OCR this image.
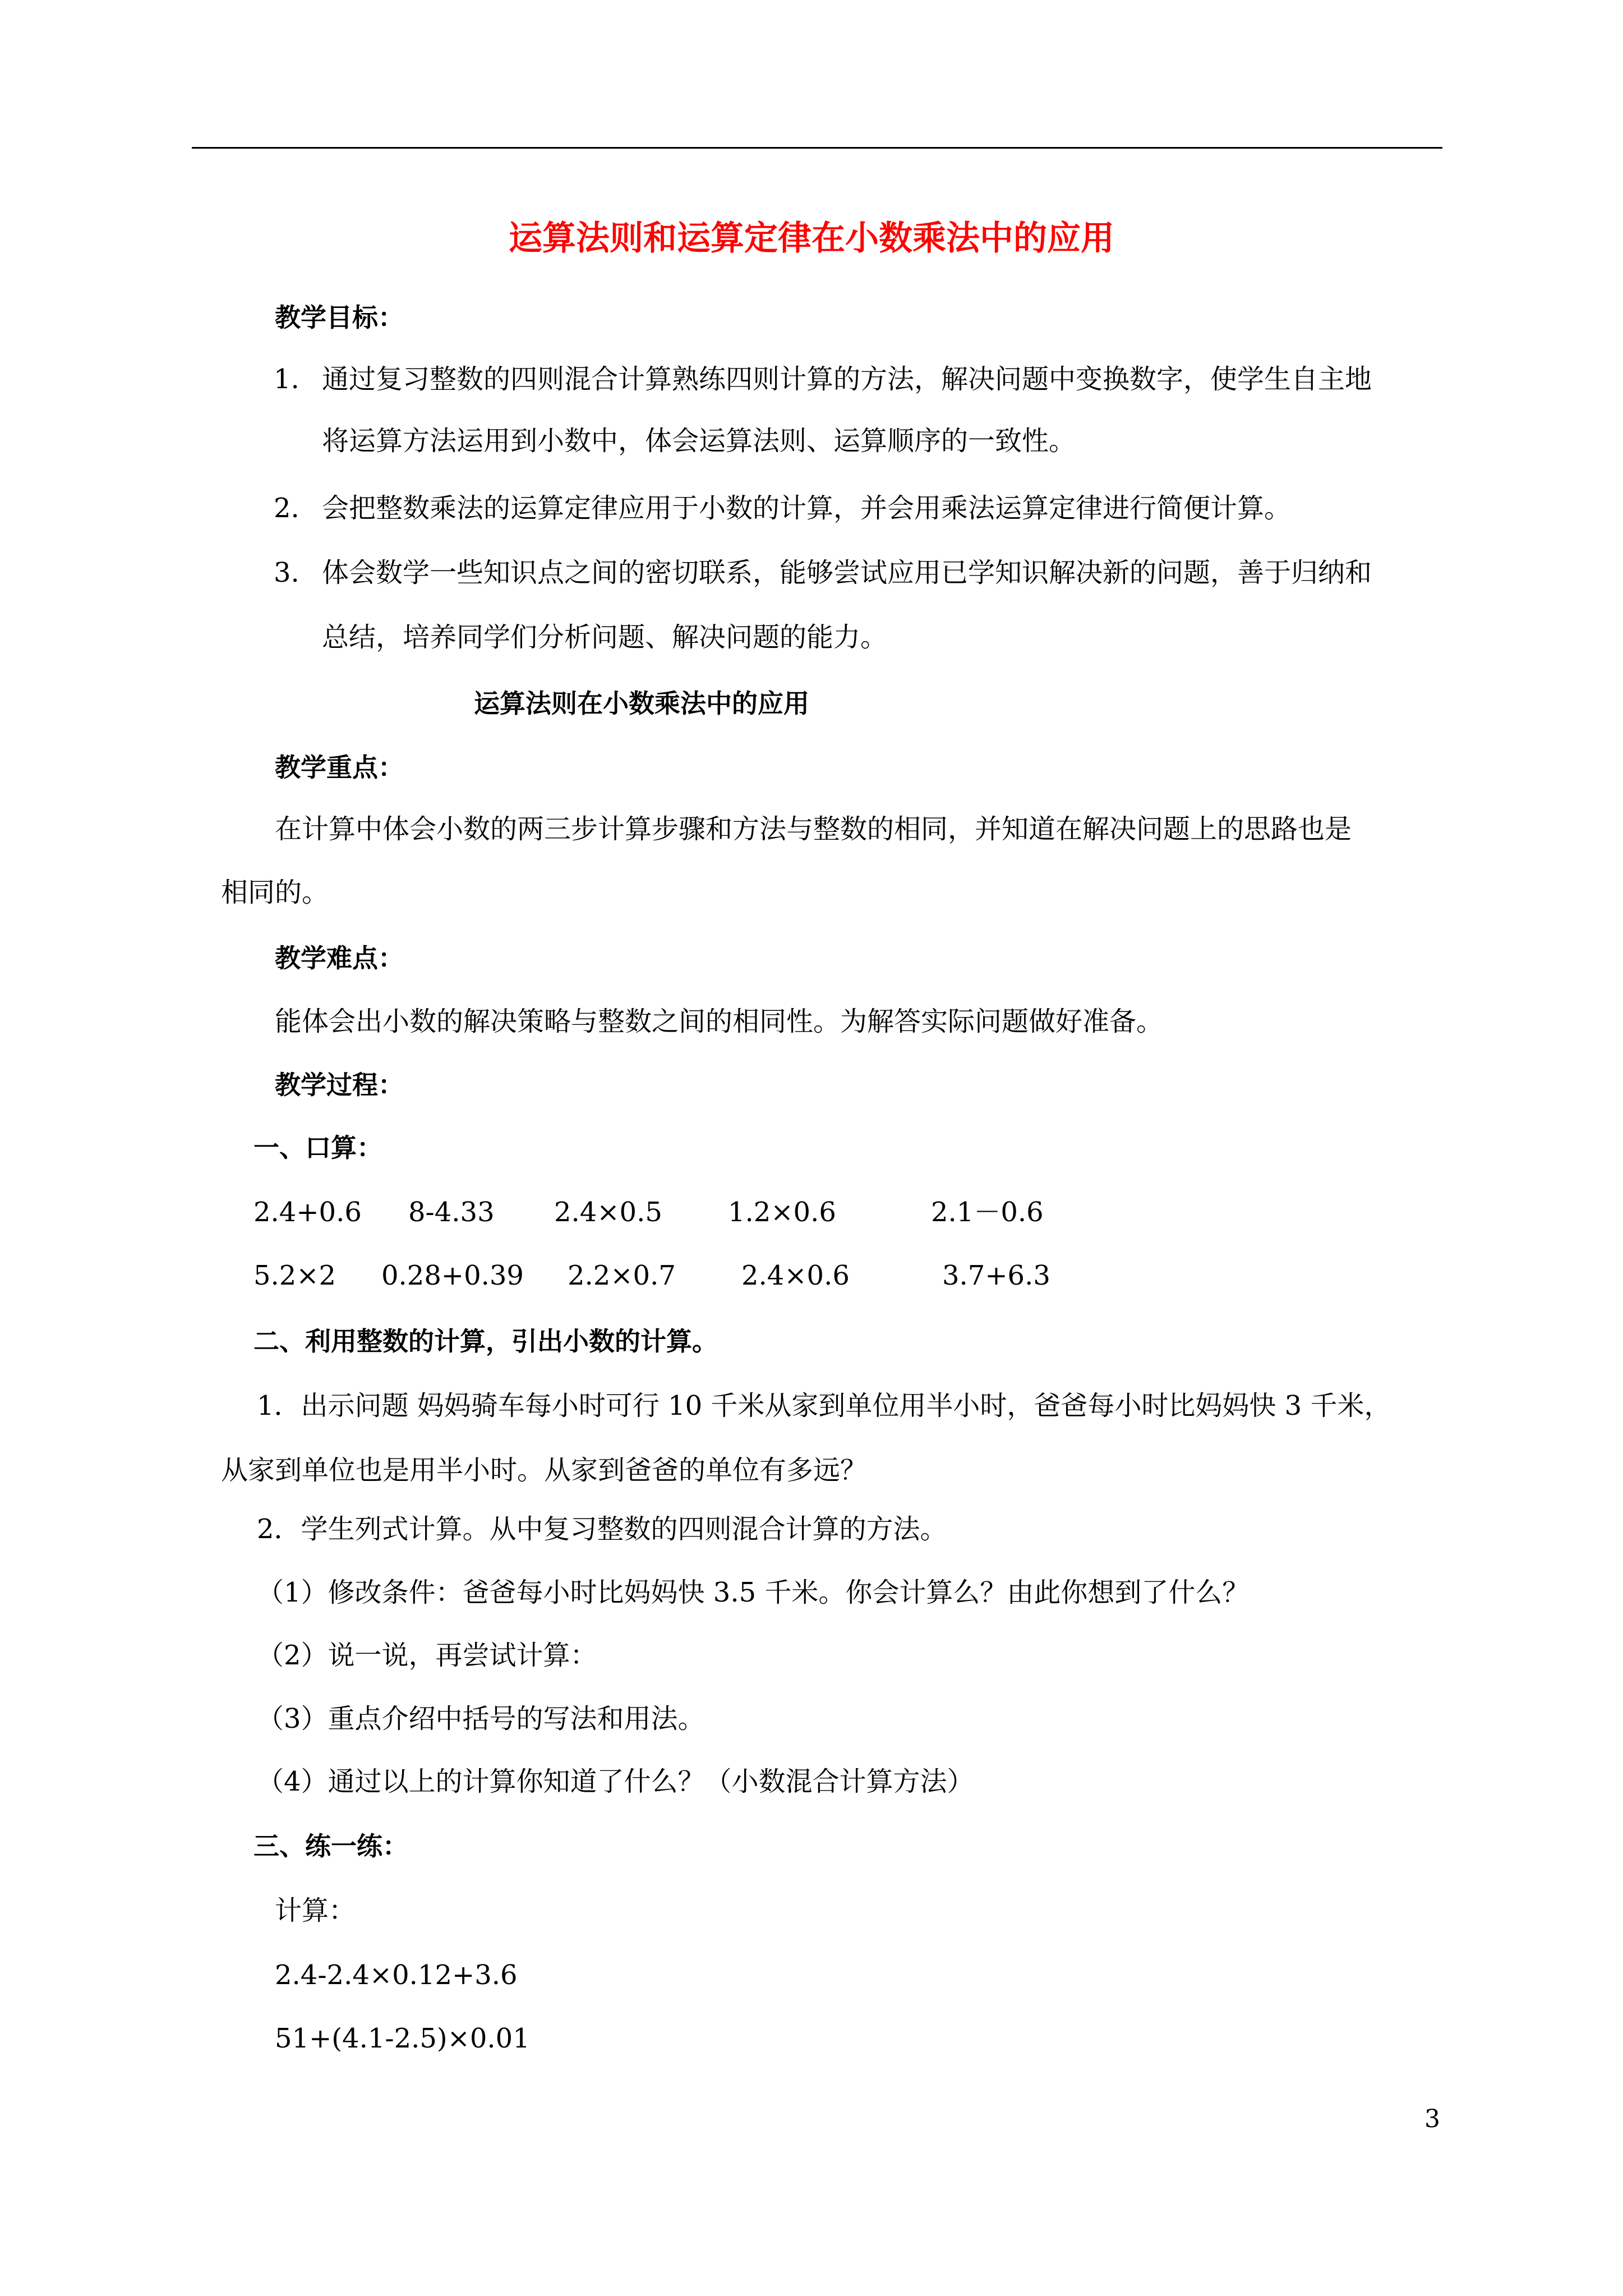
运算法则和运算定律在小数乘法中的应用
教学目标：
1. 通过复习整数的四则混合计算熟练四则计算的方法，解决问题中变换数字，使学生自主地
将运算方法运用到小数中，体会运算法则、运算顺序的一致性。
2. 会把整数乘法的运算定律应用于小数的计算，并会用乘法运算定律进行简便计算。
3. 体会数学一些知识点之间的密切联系，能够尝试应用已学知识解决新的问题，善于归纳和
总结，培养同学们分析问题、解决问题的能力。
运算法则在小数乘法中的应用
教学重点：
在计算中体会小数的两三步计算步骤和方法与整数的相同，并知道在解决问题上的思路也是
相同的。
教学难点：
能体会出小数的解决策略与整数之间的相同性。为解答实际问题做好准备。
教学过程：
一、口算：
2.4+0.6 8-4.33 2.4×0.5 1.2×0.6	2.1－0.6
5.2×2 0.28+0.39 2.2×0.7 2.4×0.6	3.7+6.3
二、利用整数的计算，引出小数的计算。
1．出示问题 妈妈骑车每小时可行 10 千米从家到单位用半小时，爸爸每小时比妈妈快 3 千米，
从家到单位也是用半小时。从家到爸爸的单位有多远？
2．学生列式计算。从中复习整数的四则混合计算的方法。
（1）修改条件：爸爸每小时比妈妈快 3.5 千米。你会计算么？由此你想到了什么？
（2）说一说，再尝试计算：
（3）重点介绍中括号的写法和用法。
（4）通过以上的计算你知道了什么？（小数混合计算方法）
三、练一练：
计算：
2.4-2.4×0.12+3.6
51+(4.1-2.5)×0.01
3
